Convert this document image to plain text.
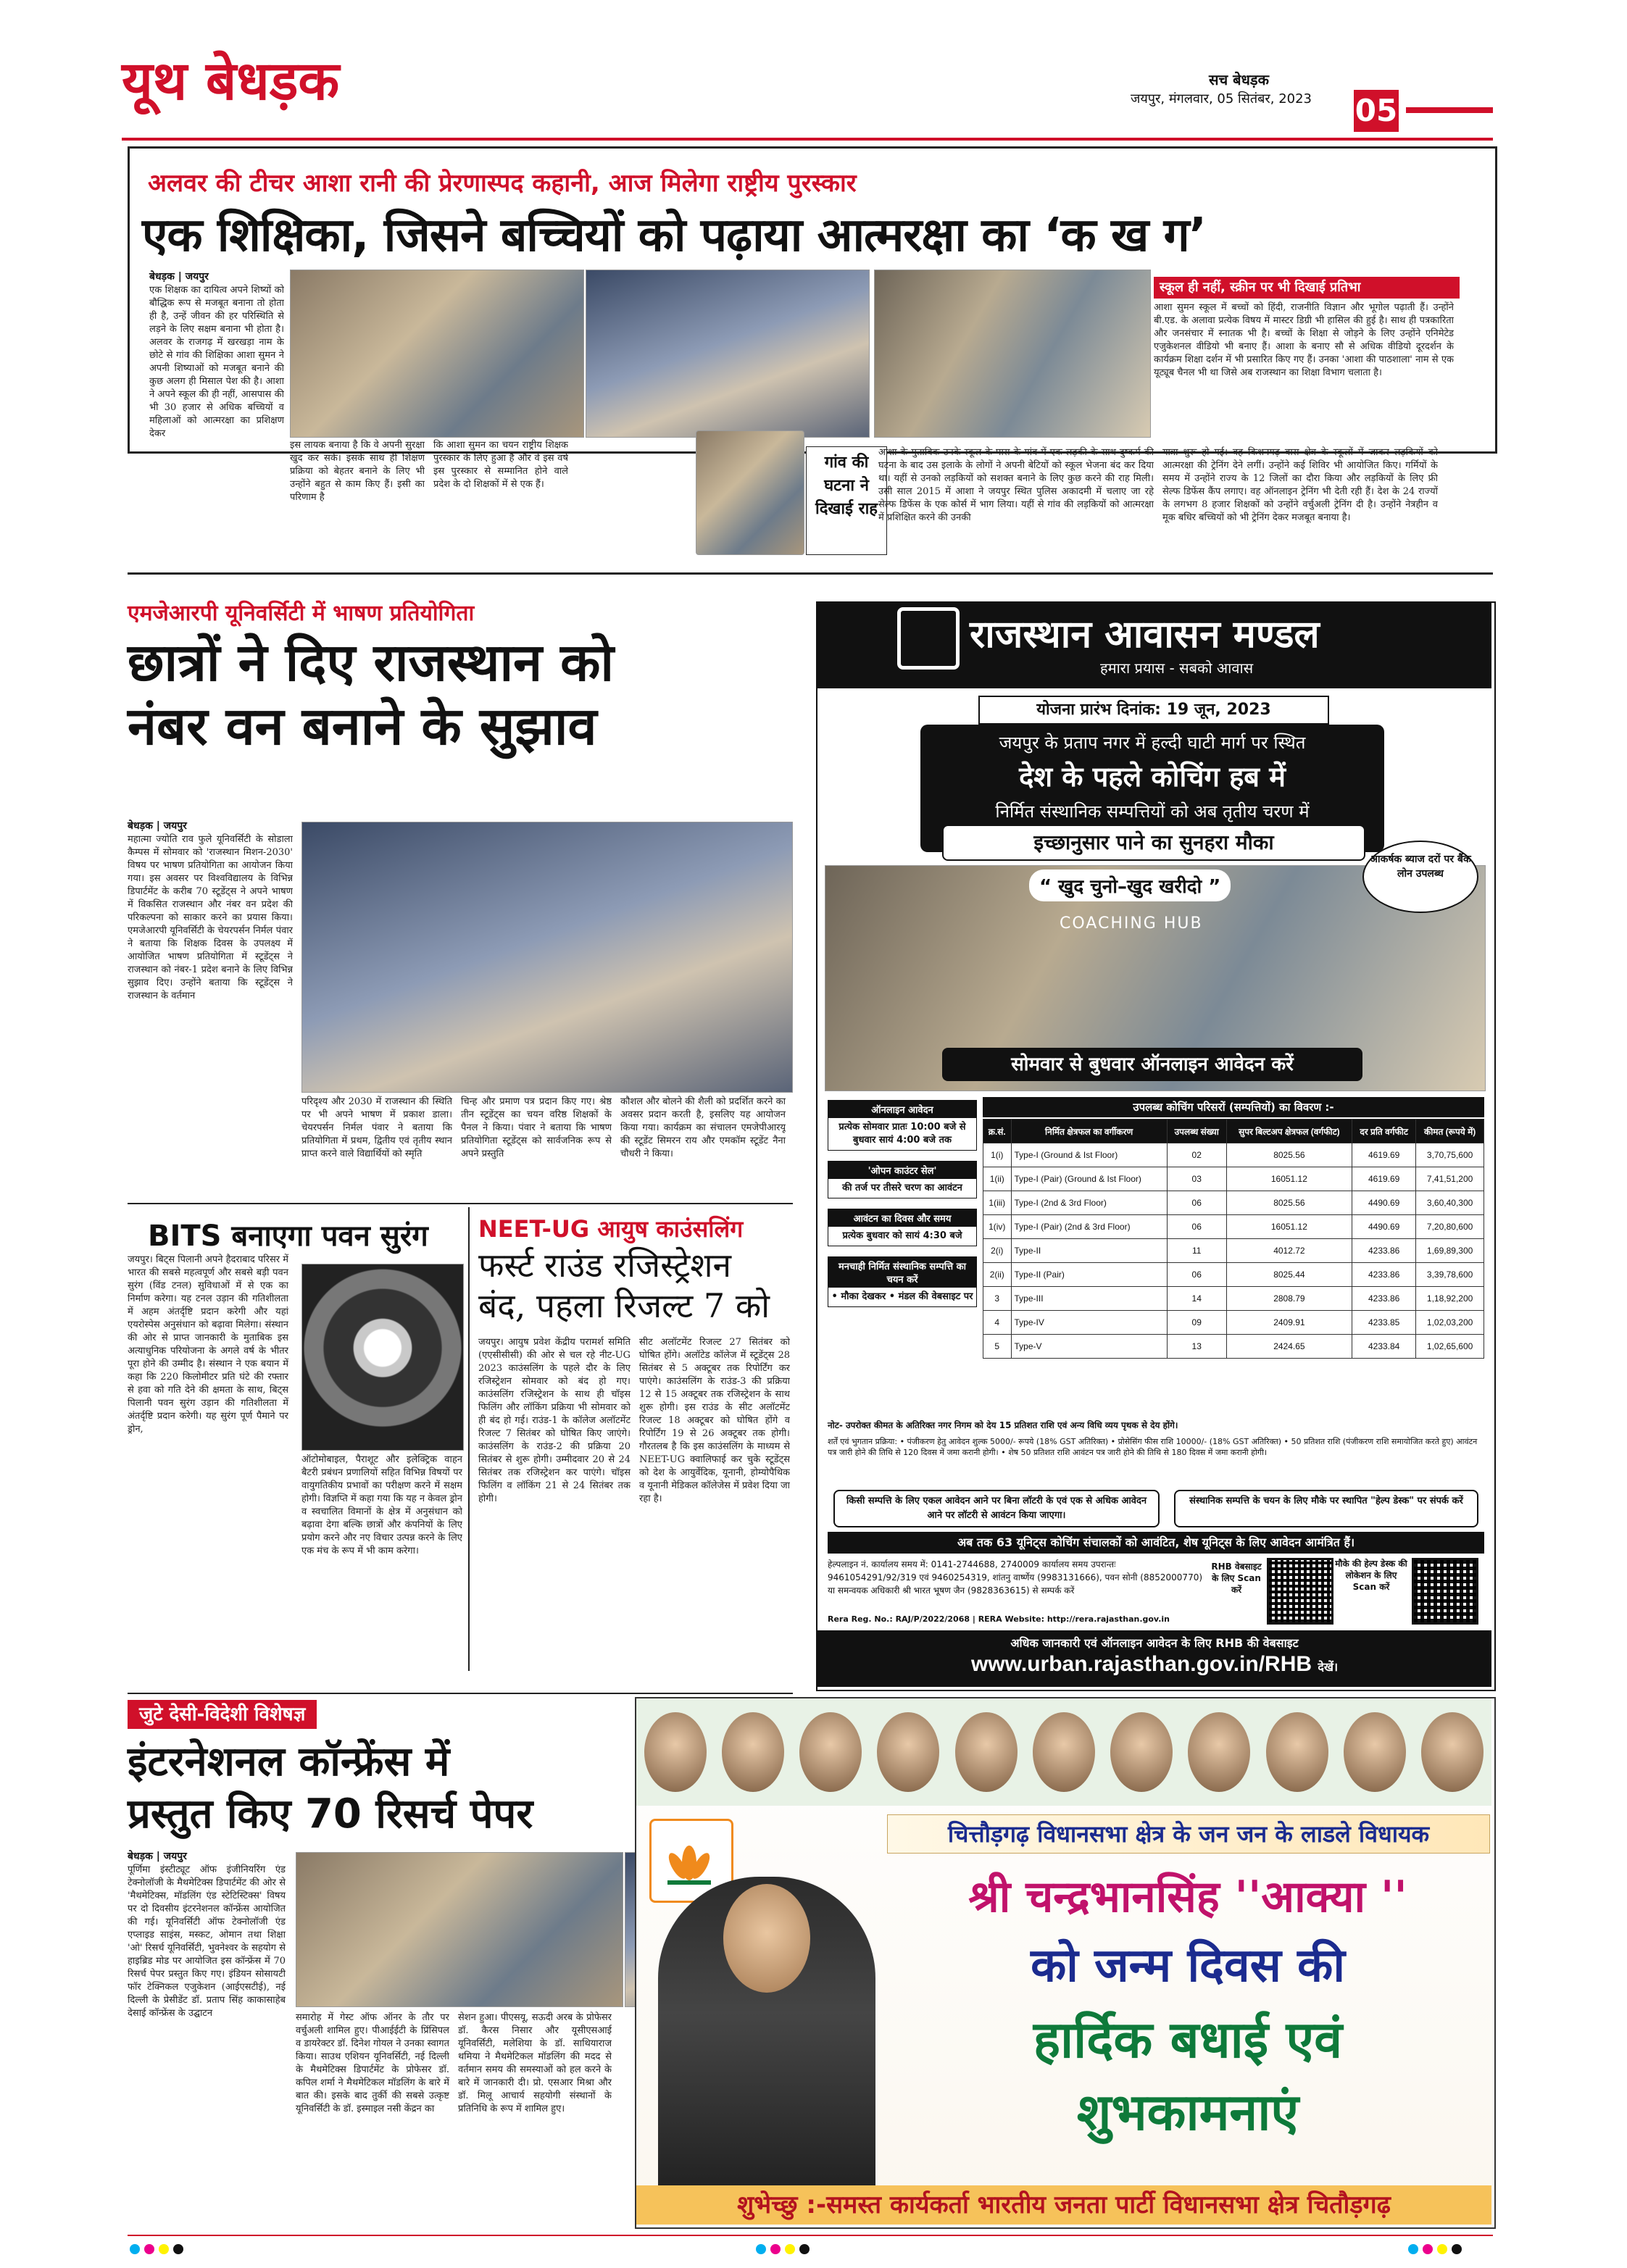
यूथ बेधड़क	सच बेधड़क
जयपुर, मंगलवार, 05 सितंबर, 2023 05
अलवर की टीचर आशा रानी की प्रेरणास्पद कहानी, आज मिलेगा राष्ट्रीय पुरस्कार
एक शिक्षिका, जिसने बच्चियों को पढ़ाया आत्मरक्षा का ‘क ख ग’
बेधड़क | जयपुर
एक शिक्षक का दायित्व अपने शिष्यों को बौद्धिक रूप से मजबूत बनाना तो होता ही है, उन्हें जीवन की हर परिस्थिति से लड़ने के लिए सक्षम बनाना भी होता है। अलवर के राजगढ़ में खरखड़ा नाम के छोटे से गांव की शिक्षिका आशा सुमन ने अपनी शिष्याओं को मजबूत बनाने की कुछ अलग ही मिसाल पेश की है। आशा ने अपने स्कूल की ही नहीं, आसपास की भी 30 हजार से अधिक बच्चियों व महिलाओं को आत्मरक्षा का प्रशिक्षण देकर
इस लायक बनाया है कि वे अपनी सुरक्षा खुद कर सकें। इसके साथ ही शिक्षण प्रक्रिया को बेहतर बनाने के लिए भी उन्होंने बहुत से काम किए हैं। इसी का परिणाम है
कि आशा सुमन का चयन राष्ट्रीय शिक्षक पुरस्कार के लिए हुआ है और वे इस वर्ष इस पुरस्कार से सम्मानित होने वाले प्रदेश के दो शिक्षकों में से एक हैं।
गांव की घटना ने दिखाई राह
आशा के मुताबिक उनके स्कूल के पास के गांव में एक लड़की के साथ दुष्कर्म की घटना के बाद उस इलाके के लोगों ने अपनी बेटियों को स्कूल भेजना बंद कर दिया था। यहीं से उनको लड़कियों को सशक्त बनाने के लिए कुछ करने की राह मिली। उसी साल 2015 में आशा ने जयपुर स्थित पुलिस अकादमी में चलाए जा रहे सेल्फ डिफेंस के एक कोर्स में भाग लिया। यहीं से गांव की लड़कियों को आत्मरक्षा में प्रशिक्षित करने की उनकी
यात्रा शुरू हो गई। वह किशनगढ़ बास क्षेत्र के स्कूलों में जाकर लड़कियों को आत्मरक्षा की ट्रेनिंग देने लगीं। उन्होंने कई शिविर भी आयोजित किए। गर्मियों के समय में उन्होंने राज्य के 12 जिलों का दौरा किया और लड़कियों के लिए फ्री सेल्फ डिफेंस कैंप लगाए। वह ऑनलाइन ट्रेनिंग भी देती रही हैं। देश के 24 राज्यों के लगभग 8 हजार शिक्षकों को उन्होंने वर्चुअली ट्रेनिंग दी है। उन्होंने नेत्रहीन व मूक बधिर बच्चियों को भी ट्रेनिंग देकर मजबूत बनाया है।
स्कूल ही नहीं, स्क्रीन पर भी दिखाई प्रतिभा
आशा सुमन स्कूल में बच्चों को हिंदी, राजनीति विज्ञान और भूगोल पढ़ाती हैं। उन्होंने बी.एड. के अलावा प्रत्येक विषय में मास्टर डिग्री भी हासिल की हुई है। साथ ही पत्रकारिता और जनसंचार में स्नातक भी है। बच्चों के शिक्षा से जोड़ने के लिए उन्होंने एनिमेटेड एजुकेशनल वीडियो भी बनाए हैं। आशा के बनाए सौ से अधिक वीडियो दूरदर्शन के कार्यक्रम शिक्षा दर्शन में भी प्रसारित किए गए हैं। उनका 'आशा की पाठशाला' नाम से एक यूट्यूब चैनल भी था जिसे अब राजस्थान का शिक्षा विभाग चलाता है।
एमजेआरपी यूनिवर्सिटी में भाषण प्रतियोगिता
छात्रों ने दिए राजस्थान को
नंबर वन बनाने के सुझाव
बेधड़क | जयपुर
महात्मा ज्योति राव फुले यूनिवर्सिटी के सोडाला कैम्पस में सोमवार को 'राजस्थान मिशन-2030' विषय पर भाषण प्रतियोगिता का आयोजन किया गया। इस अवसर पर विश्वविद्यालय के विभिन्न डिपार्टमेंट के करीब 70 स्टूडेंट्स ने अपने भाषण में विकसित राजस्थान और नंबर वन प्रदेश की परिकल्पना को साकार करने का प्रयास किया। एमजेआरपी यूनिवर्सिटी के चेयरपर्सन निर्मल पंवार ने बताया कि शिक्षक दिवस के उपलक्ष्य में आयोजित भाषण प्रतियोगिता में स्टूडेंट्स ने राजस्थान को नंबर-1 प्रदेश बनाने के लिए विभिन्न सुझाव दिए। उन्होंने बताया कि स्टूडेंट्स ने राजस्थान के वर्तमान
परिदृश्य और 2030 में राजस्थान की स्थिति पर भी अपने भाषण में प्रकाश डाला। चेयरपर्सन निर्मल पंवार ने बताया कि प्रतियोगिता में प्रथम, द्वितीय एवं तृतीय स्थान प्राप्त करने वाले विद्यार्थियों को स्मृति
चिन्ह और प्रमाण पत्र प्रदान किए गए। श्रेष्ठ तीन स्टूडेंट्स का चयन वरिष्ठ शिक्षकों के पैनल ने किया। पंवार ने बताया कि भाषण प्रतियोगिता स्टूडेंट्स को सार्वजनिक रूप से अपने प्रस्तुति
कौशल और बोलने की शैली को प्रदर्शित करने का अवसर प्रदान करती है, इसलिए यह आयोजन किया गया। कार्यक्रम का संचालन एमजेपीआरयू की स्टूडेंट सिमरन राय और एमकॉम स्टूडेंट नैना चौधरी ने किया।
BITS बनाएगा पवन सुरंग
जयपुर। बिट्स पिलानी अपने हैदराबाद परिसर में भारत की सबसे महत्वपूर्ण और सबसे बड़ी पवन सुरंग (विंड टनल) सुविधाओं में से एक का निर्माण करेगा। यह टनल उड़ान की गतिशीलता में अहम अंतर्दृष्टि प्रदान करेगी और यहां एयरोस्पेस अनुसंधान को बढ़ावा मिलेगा। संस्थान की ओर से प्राप्त जानकारी के मुताबिक इस अत्याधुनिक परियोजना के अगले वर्ष के भीतर पूरा होने की उम्मीद है। संस्थान ने एक बयान में कहा कि 220 किलोमीटर प्रति घंटे की रफ्तार से हवा को गति देने की क्षमता के साथ, बिट्स पिलानी पवन सुरंग उड़ान की गतिशीलता में अंतर्दृष्टि प्रदान करेगी। यह सुरंग पूर्ण पैमाने पर ड्रोन,
ऑटोमोबाइल, पैराशूट और इलेक्ट्रिक वाहन बैटरी प्रबंधन प्रणालियों सहित विभिन्न विषयों पर वायुगतिकीय प्रभावों का परीक्षण करने में सक्षम होगी। विज्ञप्ति में कहा गया कि यह न केवल ड्रोन व स्वचालित विमानों के क्षेत्र में अनुसंधान को बढ़ावा देगा बल्कि छात्रों और कंपनियों के लिए प्रयोग करने और नए विचार उत्पन्न करने के लिए एक मंच के रूप में भी काम करेगा।
NEET-UG आयुष काउंसलिंग
फर्स्ट राउंड रजिस्ट्रेशन
बंद, पहला रिजल्ट 7 को
जयपुर। आयुष प्रवेश केंद्रीय परामर्श समिति (एएसीसीसी) की ओर से चल रहे नीट-UG 2023 काउंसलिंग के पहले दौर के लिए रजिस्ट्रेशन सोमवार को बंद हो गए। काउंसलिंग रजिस्ट्रेशन के साथ ही चॉइस फिलिंग और लॉकिंग प्रक्रिया भी सोमवार को ही बंद हो गई। राउंड-1 के कॉलेज अलॉटमेंट रिजल्ट 7 सितंबर को घोषित किए जाएंगे। काउंसलिंग के राउंड-2 की प्रक्रिया 20 सितंबर से शुरू होगी। उम्मीदवार 20 से 24 सितंबर तक रजिस्ट्रेशन कर पाएंगे। चॉइस फिलिंग व लॉकिंग 21 से 24 सितंबर तक होगी।
सीट अलॉटमेंट रिजल्ट 27 सितंबर को घोषित होंगे। अलॉटेड कॉलेज में स्टूडेंट्स 28 सितंबर से 5 अक्टूबर तक रिपोर्टिंग कर पाएंगे। काउंसलिंग के राउंड-3 की प्रक्रिया 12 से 15 अक्टूबर तक रजिस्ट्रेशन के साथ शुरू होगी। इस राउंड के सीट अलॉटमेंट रिजल्ट 18 अक्टूबर को घोषित होंगे व रिपोर्टिंग 19 से 26 अक्टूबर तक होगी। गौरतलब है कि इस काउंसलिंग के माध्यम से NEET-UG क्वालिफाई कर चुके स्टूडेंट्स को देश के आयुर्वेदिक, यूनानी, होम्योपैथिक व यूनानी मेडिकल कॉलेजेस में प्रवेश दिया जा रहा है।
राजस्थान आवासन मण्डल
हमारा प्रयास - सबको आवास
योजना प्रारंभ दिनांक: 19 जून, 2023
जयपुर के प्रताप नगर में हल्दी घाटी मार्ग पर स्थित
देश के पहले कोचिंग हब में
निर्मित संस्थानिक सम्पत्तियों को अब तृतीय चरण में
इच्छानुसार पाने का सुनहरा मौका
“ खुद चुनो–खुद खरीदो ”
COACHING HUB
आकर्षक ब्याज दरों पर बैंक लोन उपलब्ध
सोमवार से बुधवार ऑनलाइन आवेदन करें
ऑनलाइन आवेदन
प्रत्येक सोमवार प्रातः 10:00 बजे से बुधवार सायं 4:00 बजे तक
'ओपन काउंटर सेल'
की तर्ज पर तीसरे चरण का आवंटन
आवंटन का दिवस और समय
प्रत्येक बुधवार को सायं 4:30 बजे
मनचाही निर्मित संस्थानिक सम्पत्ति का चयन करें
• मौका देखकर • मंडल की वेबसाइट पर
उपलब्ध कोचिंग परिसरों (सम्पत्तियों) का विवरण :-
क्र.सं.	निर्मित क्षेत्रफल का वर्गीकरण	उपलब्ध संख्या	सुपर बिल्टअप क्षेत्रफल (वर्गफीट)	दर प्रति वर्गफीट	कीमत (रूपये में)
1(i)	Type-I (Ground & Ist Floor)	02	8025.56	4619.69	3,70,75,600
1(ii)	Type-I (Pair) (Ground & Ist Floor)	03	16051.12	4619.69	7,41,51,200
1(iii)	Type-I (2nd & 3rd Floor)	06	8025.56	4490.69	3,60,40,300
1(iv)	Type-I (Pair) (2nd & 3rd Floor)	06	16051.12	4490.69	7,20,80,600
2(i)	Type-II	11	4012.72	4233.86	1,69,89,300
2(ii)	Type-II (Pair)	06	8025.44	4233.86	3,39,78,600
3	Type-III	14	2808.79	4233.86	1,18,92,200
4	Type-IV	09	2409.91	4233.85	1,02,03,200
5	Type-V	13	2424.65	4233.84	1,02,65,600
नोट- उपरोक्त कीमत के अतिरिक्त नगर निगम को देय 15 प्रतिशत राशि एवं अन्य विधि व्यय पृथक से देय होंगे।
शर्तें एवं भुगतान प्रक्रिया: • पंजीकरण हेतु आवेदन शुल्क 5000/- रूपये (18% GST अतिरिक्त) • प्रोसेसिंग फीस राशि 10000/- (18% GST अतिरिक्त) • 50 प्रतिशत राशि (पंजीकरण राशि समायोजित करते हुए) आवंटन पत्र जारी होने की तिथि से 120 दिवस में जमा करानी होगी। • शेष 50 प्रतिशत राशि आवंटन पत्र जारी होने की तिथि से 180 दिवस में जमा करानी होगी।
किसी सम्पत्ति के लिए एकल आवेदन आने पर बिना लॉटरी के एवं एक से अधिक आवेदन आने पर लॉटरी से आवंटन किया जाएगा।
संस्थानिक सम्पत्ति के चयन के लिए मौके पर स्थापित "हेल्प डेस्क" पर संपर्क करें
अब तक 63 यूनिट्स कोचिंग संचालकों को आवंटित, शेष यूनिट्स के लिए आवेदन आमंत्रित हैं।
हेल्पलाइन नं. कार्यालय समय में: 0141-2744688, 2740009 कार्यालय समय उपरान्तः 9461054291/92/319 एवं 9460254319, शांतनु वार्ष्णेय (9983131666), पवन सोनी (8852000770) या समन्वयक अधिकारी श्री भारत भूषण जैन (9828363615) से सम्पर्क करें
Rera Reg. No.: RAJ/P/2022/2068 | RERA Website: http://rera.rajasthan.gov.in
RHB वेबसाइट के लिए Scan करें
मौके की हेल्प डेस्क की लोकेशन के लिए Scan करें
अधिक जानकारी एवं ऑनलाइन आवेदन के लिए RHB की वेबसाइट
www.urban.rajasthan.gov.in/RHB देखें।
जुटे देसी-विदेशी विशेषज्ञ
इंटरनेशनल कॉन्फ्रेंस में
प्रस्तुत किए 70 रिसर्च पेपर
बेधड़क | जयपुर
पूर्णिमा इंस्टीट्यूट ऑफ इंजीनियरिंग एंड टेक्नोलॉजी के मैथमेटिक्स डिपार्टमेंट की ओर से 'मैथमेटिक्स, मॉडलिंग एंड स्टेटिस्टिक्स' विषय पर दो दिवसीय इंटरनेशनल कॉन्फ्रेंस आयोजित की गई। यूनिवर्सिटी ऑफ टेक्नोलॉजी एंड एप्लाइड साइंस, मस्कट, ओमान तथा शिक्षा 'ओ' रिसर्च यूनिवर्सिटी, भुवनेश्वर के सहयोग से हाइब्रिड मोड पर आयोजित इस कॉन्फ्रेंस में 70 रिसर्च पेपर प्रस्तुत किए गए। इंडियन सोसायटी फॉर टेक्निकल एजुकेशन (आईएसटीई), नई दिल्ली के प्रेसीडेंट डॉ. प्रताप सिंह काकासाहेब देसाई कॉन्फ्रेंस के उद्घाटन	समारोह में गेस्ट ऑफ ऑनर के तौर पर वर्चुअली शामिल हुए। पीआईईटी के प्रिंसिपल व डायरेक्टर डॉ. दिनेश गोयल ने उनका स्वागत किया। साउथ एशियन यूनिवर्सिटी, नई दिल्ली के मैथमेटिक्स डिपार्टमेंट के प्रोफेसर डॉ. कपिल शर्मा ने मैथमेटिकल मॉडलिंग के बारे में बात की। इसके बाद तुर्की की सबसे उत्कृष्ट यूनिवर्सिटी के डॉ. इस्माइल नसी केंद्रन का
सेशन हुआ। पीएसयू, सऊदी अरब के प्रोफेसर डॉ. कैरस निसार और यूसीएसआई यूनिवर्सिटी, मलेशिया के डॉ. साथियाराज थमिया ने मैथमेटिकल मॉडलिंग की मदद से वर्तमान समय की समस्याओं को हल करने के बारे में जानकारी दी। प्रो. एसआर मिश्रा और डॉ. मिलू आचार्य सहयोगी संस्थानों के प्रतिनिधि के रूप में शामिल हुए।
चित्तौड़गढ़ विधानसभा क्षेत्र के जन जन के लाडले विधायक
श्री चन्द्रभानसिंह ''आक्या ''
को जन्म दिवस की
हार्दिक बधाई एवं
शुभकामनाएं
शुभेच्छु :-समस्त कार्यकर्ता भारतीय जनता पार्टी विधानसभा क्षेत्र चितौड़गढ़
